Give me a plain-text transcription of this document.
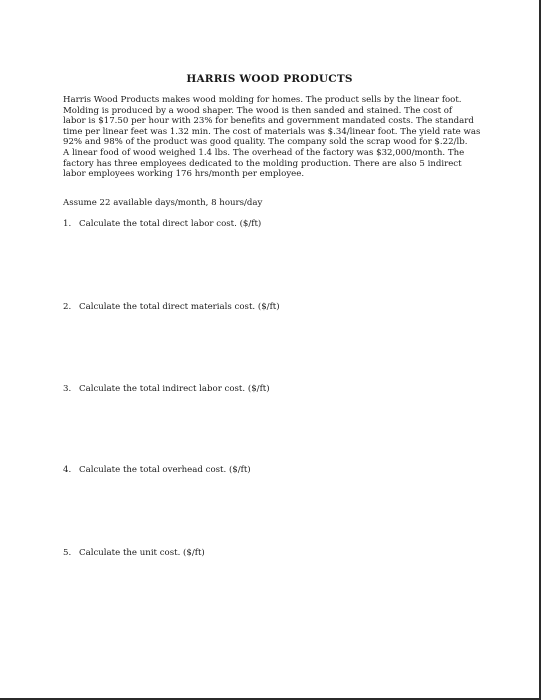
HARRIS WOOD PRODUCTS

Harris Wood Products makes wood molding for homes. The product sells by the linear foot.
Molding is produced by a wood shaper. The wood is then sanded and stained. The cost of
labor is $17.50 per hour with 23% for benefits and government mandated costs. The standard
time per linear feet was 1.32 min. The cost of materials was $.34/linear foot. The yield rate was
92% and 98% of the product was good quality. The company sold the scrap wood for $.22/lb.
A linear food of wood weighed 1.4 lbs. The overhead of the factory was $32,000/month. The
factory has three employees dedicated to the molding production. There are also 5 indirect
labor employees working 176 hrs/month per employee.

Assume 22 available days/month, 8 hours/day

1. Calculate the total direct labor cost. ($/ft)

2. Calculate the total direct materials cost. ($/ft)

3. Calculate the total indirect labor cost. ($/ft)

4. Calculate the total overhead cost. ($/ft)

5. Calculate the unit cost. ($/ft)
